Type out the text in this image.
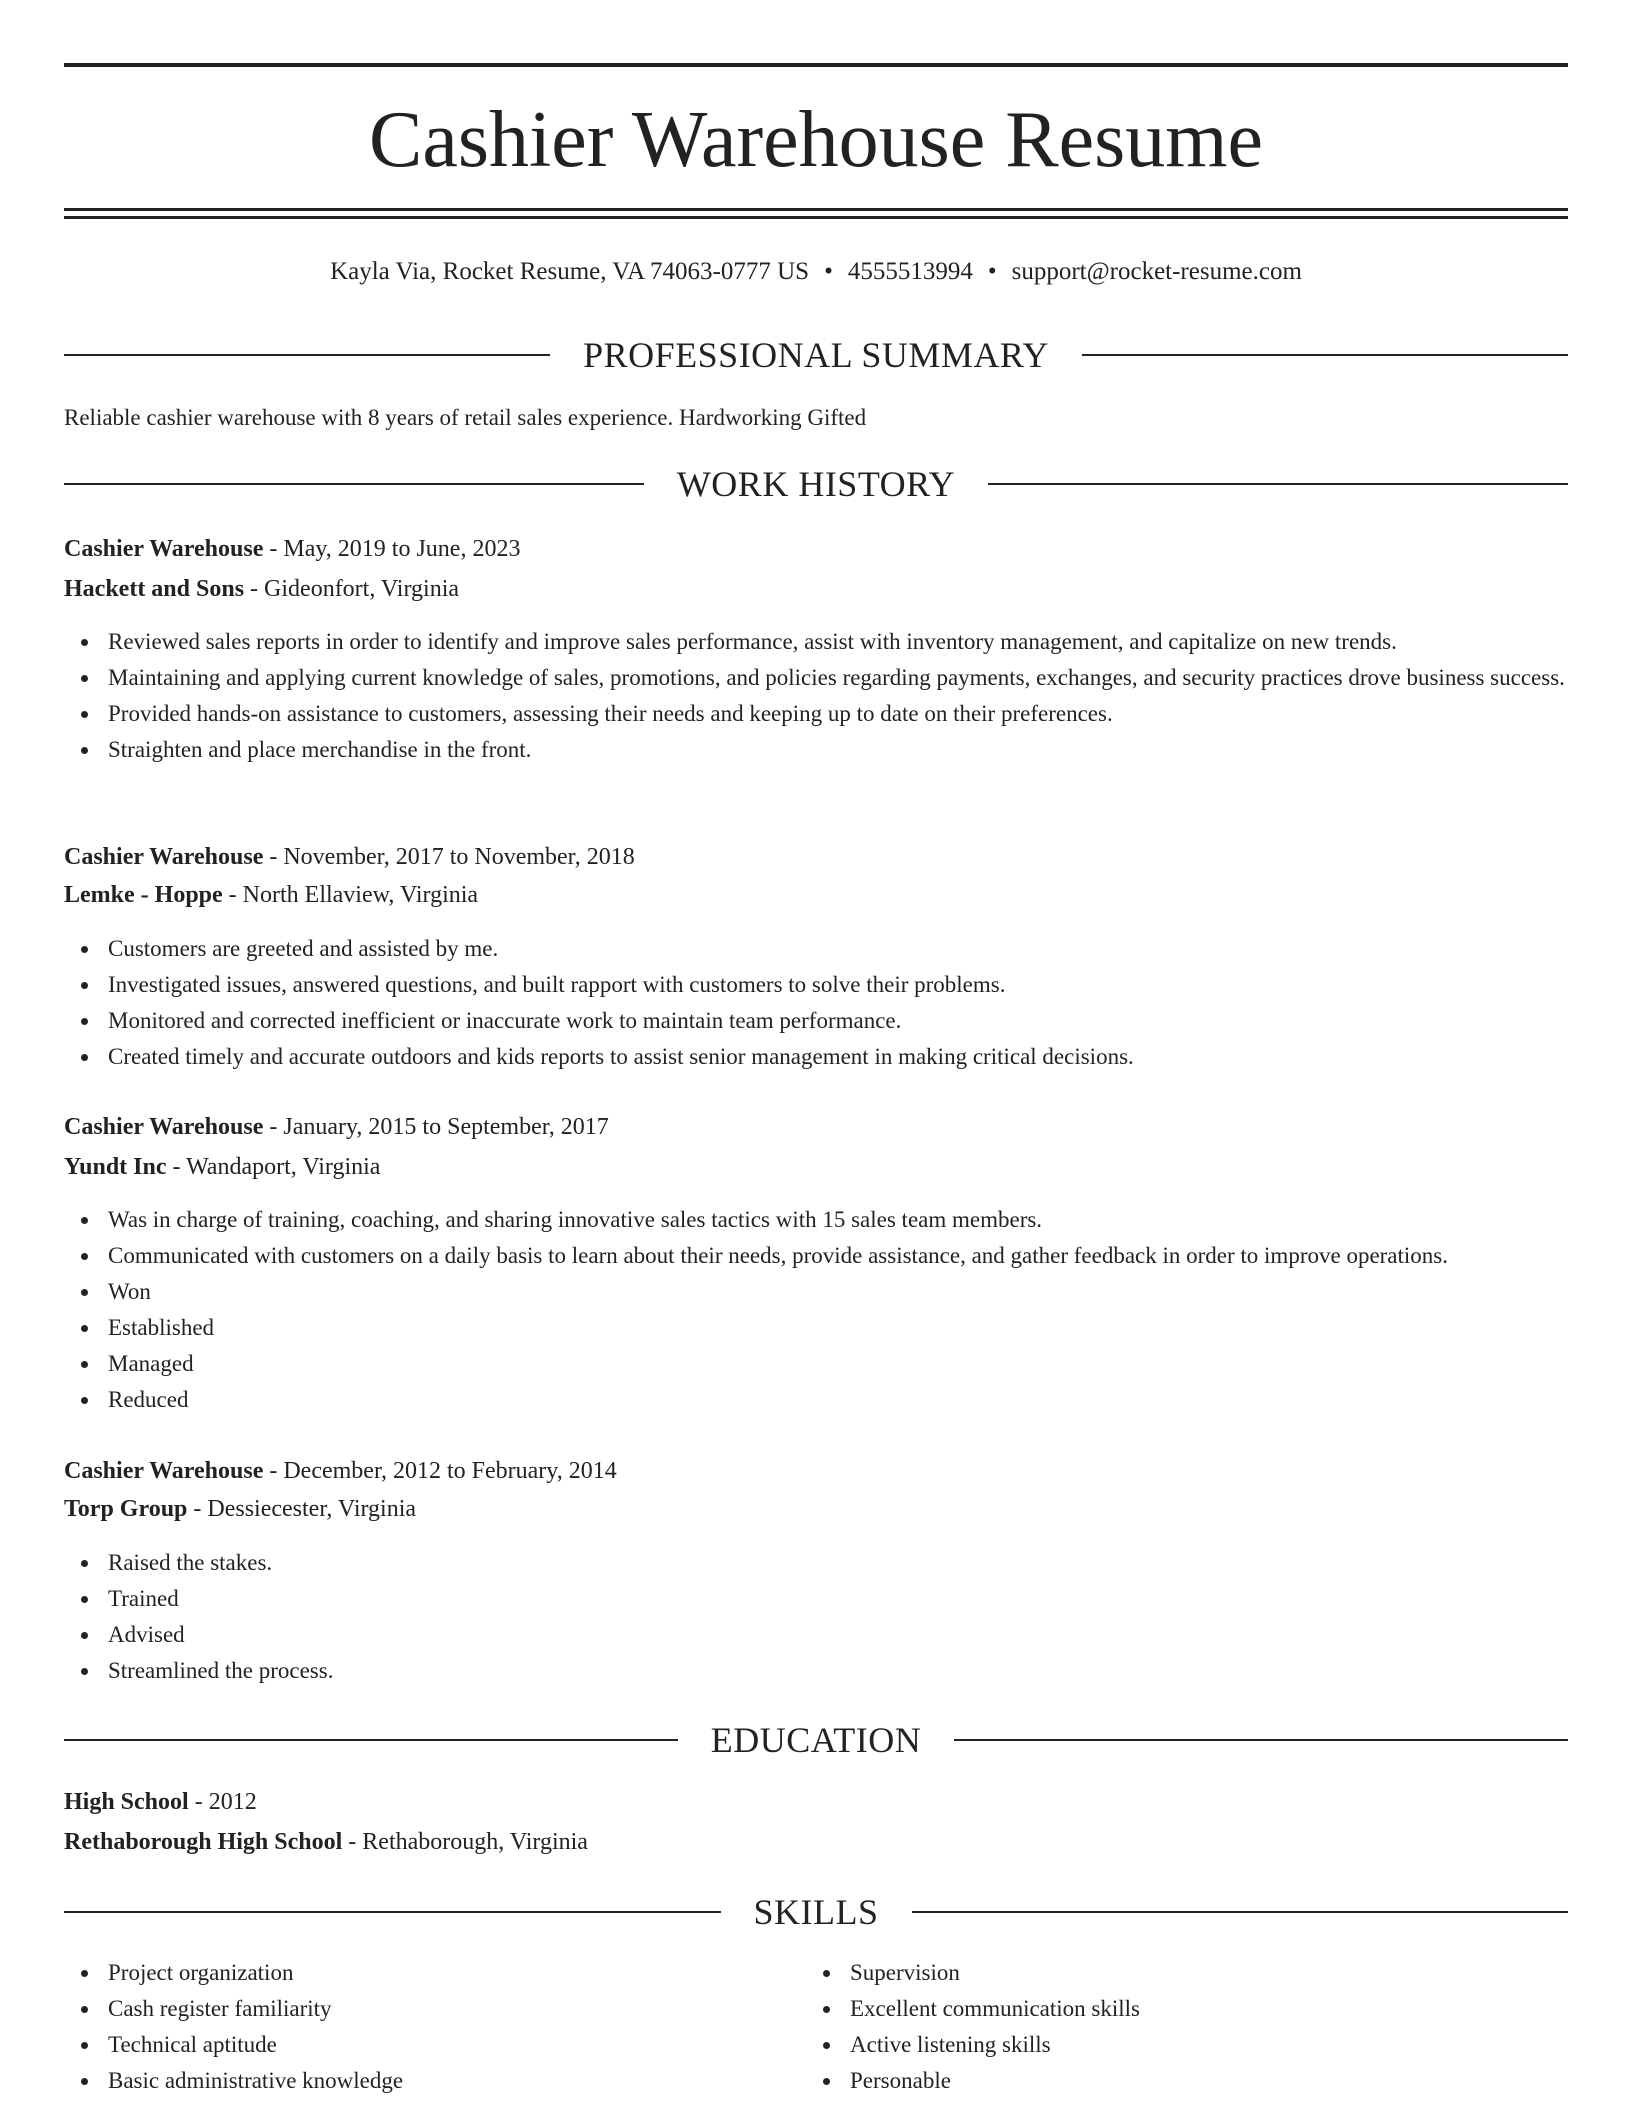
Cashier Warehouse Resume
Kayla Via, Rocket Resume, VA 74063-0777 US • 4555513994 • support@rocket-resume.com
PROFESSIONAL SUMMARY
Reliable cashier warehouse with 8 years of retail sales experience. Hardworking Gifted
WORK HISTORY
Cashier Warehouse - May, 2019 to June, 2023
Hackett and Sons - Gideonfort, Virginia
Reviewed sales reports in order to identify and improve sales performance, assist with inventory management, and capitalize on new trends.
Maintaining and applying current knowledge of sales, promotions, and policies regarding payments, exchanges, and security practices drove business success.
Provided hands-on assistance to customers, assessing their needs and keeping up to date on their preferences.
Straighten and place merchandise in the front.
Cashier Warehouse - November, 2017 to November, 2018
Lemke - Hoppe - North Ellaview, Virginia
Customers are greeted and assisted by me.
Investigated issues, answered questions, and built rapport with customers to solve their problems.
Monitored and corrected inefficient or inaccurate work to maintain team performance.
Created timely and accurate outdoors and kids reports to assist senior management in making critical decisions.
Cashier Warehouse - January, 2015 to September, 2017
Yundt Inc - Wandaport, Virginia
Was in charge of training, coaching, and sharing innovative sales tactics with 15 sales team members.
Communicated with customers on a daily basis to learn about their needs, provide assistance, and gather feedback in order to improve operations.
Won
Established
Managed
Reduced
Cashier Warehouse - December, 2012 to February, 2014
Torp Group - Dessiecester, Virginia
Raised the stakes.
Trained
Advised
Streamlined the process.
EDUCATION
High School - 2012
Rethaborough High School - Rethaborough, Virginia
SKILLS
Project organization
Cash register familiarity
Technical aptitude
Basic administrative knowledge
Supervision
Excellent communication skills
Active listening skills
Personable
